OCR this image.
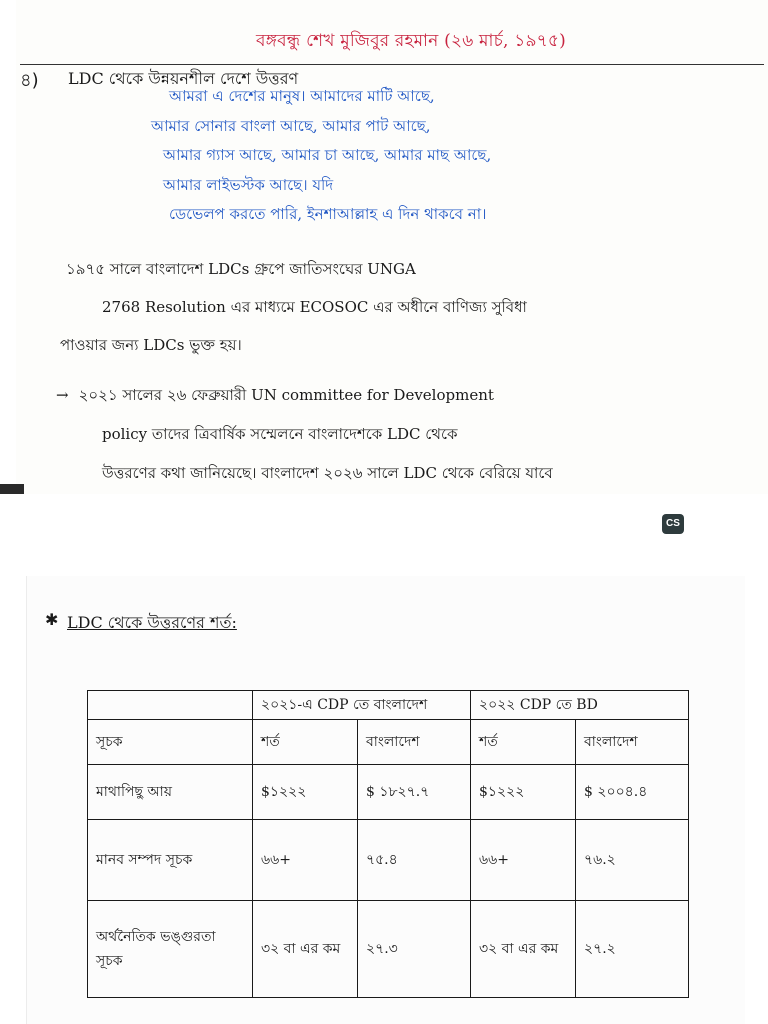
বঙ্গবন্ধু শেখ মুজিবুর রহমান (২৬ মার্চ, ১৯৭৫)
৪) LDC থেকে উন্নয়নশীল দেশে উত্তরণ
আমরা এ দেশের মানুষ। আমাদের মাটি আছে,
আমার সোনার বাংলা আছে, আমার পাট আছে,
আমার গ্যাস আছে, আমার চা আছে, আমার মাছ আছে,
আমার লাইভস্টক আছে। যদি
ডেভেলপ করতে পারি, ইনশাআল্লাহ এ দিন থাকবে না।
১৯৭৫ সালে বাংলাদেশ LDCs গ্রুপে জাতিসংঘের UNGA
2768 Resolution এর মাধ্যমে ECOSOC এর অধীনে বাণিজ্য সুবিধা
পাওয়ার জন্য LDCs ভুক্ত হয়।
→ ২০২১ সালের ২৬ ফেব্রুয়ারী UN committee for Development
policy তাদের ত্রিবার্ষিক সম্মেলনে বাংলাদেশকে LDC থেকে
উত্তরণের কথা জানিয়েছে। বাংলাদেশ ২০২৬ সালে LDC থেকে বেরিয়ে যাবে
CS
✱ LDC থেকে উত্তরণের শর্ত:
	২০২১-এ CDP তে বাংলাদেশ		২০২২ CDP তে BD	
সূচক	শর্ত	বাংলাদেশ	শর্ত	বাংলাদেশ
মাথাপিছু আয়	$১২২২	$ ১৮২৭.৭	$১২২২	$ ২০০৪.৪
মানব সম্পদ সূচক	৬৬+	৭৫.৪	৬৬+	৭৬.২
অর্থনৈতিক ভঙ্গুরতা সূচক	৩২ বা এর কম	২৭.৩	৩২ বা এর কম	২৭.২
